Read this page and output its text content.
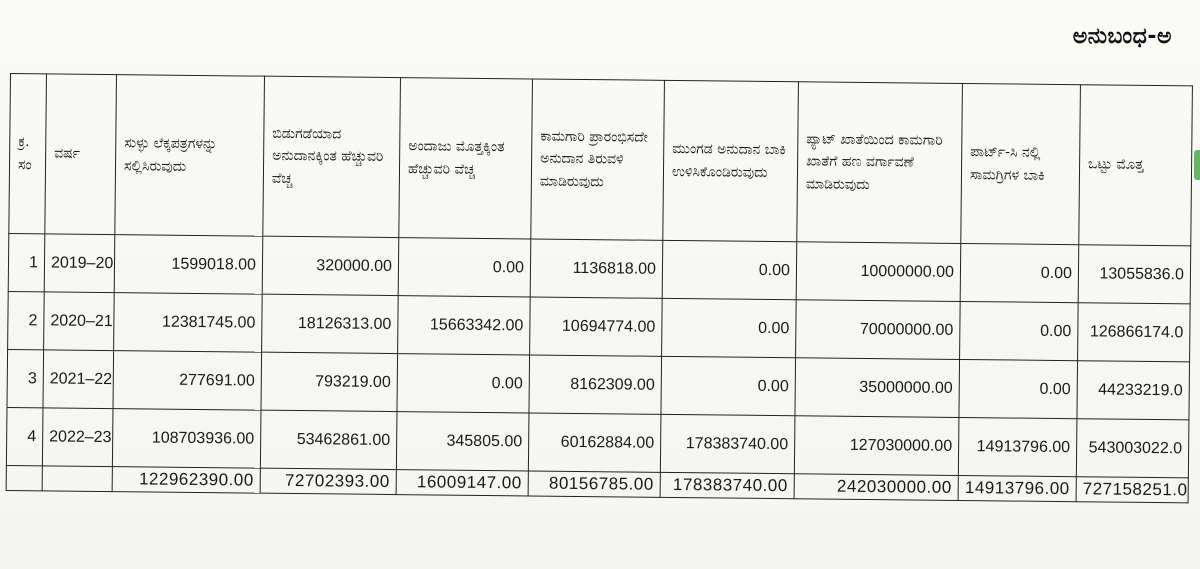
ಅನುಬಂಧ-ಅ
ಕ್ರ. ಸಂ	ವರ್ಷ	ಸುಳ್ಳು ಲೆಕ್ಕಪತ್ರಗಳನ್ನು ಸಲ್ಲಿಸಿರುವುದು	ಬಿಡುಗಡೆಯಾದ ಅನುದಾನಕ್ಕಿಂತ ಹೆಚ್ಚುವರಿ ವೆಚ್ಚ	ಅಂದಾಜು ಮೊತ್ತಕ್ಕಿಂತ ಹೆಚ್ಚುವರಿ ವೆಚ್ಚ	ಕಾಮಗಾರಿ ಪ್ರಾರಂಭಿಸದೇ ಅನುದಾನ ತಿರುವಳಿ ಮಾಡಿರುವುದು	ಮುಂಗಡ ಅನುದಾನ ಬಾಕಿ ಉಳಿಸಿಕೊಂಡಿರುವುದು	ಪ್ಯಾಟ್ ಖಾತೆಯಿಂದ ಕಾಮಗಾರಿ ಖಾತೆಗೆ ಹಣ ವರ್ಗಾವಣೆ ಮಾಡಿರುವುದು	ಪಾರ್ಟ್-ಸಿ ನಲ್ಲಿ ಸಾಮಗ್ರಿಗಳ ಬಾಕಿ	ಒಟ್ಟು ಮೊತ್ತ
1	2019–20	1599018.00	320000.00	0.00	1136818.00	0.00	10000000.00	0.00	13055836.0
2	2020–21	12381745.00	18126313.00	15663342.00	10694774.00	0.00	70000000.00	0.00	126866174.0
3	2021–22	277691.00	793219.00	0.00	8162309.00	0.00	35000000.00	0.00	44233219.0
4	2022–23	108703936.00	53462861.00	345805.00	60162884.00	178383740.00	127030000.00	14913796.00	543003022.0
		122962390.00	72702393.00	16009147.00	80156785.00	178383740.00	242030000.00	14913796.00	727158251.0
